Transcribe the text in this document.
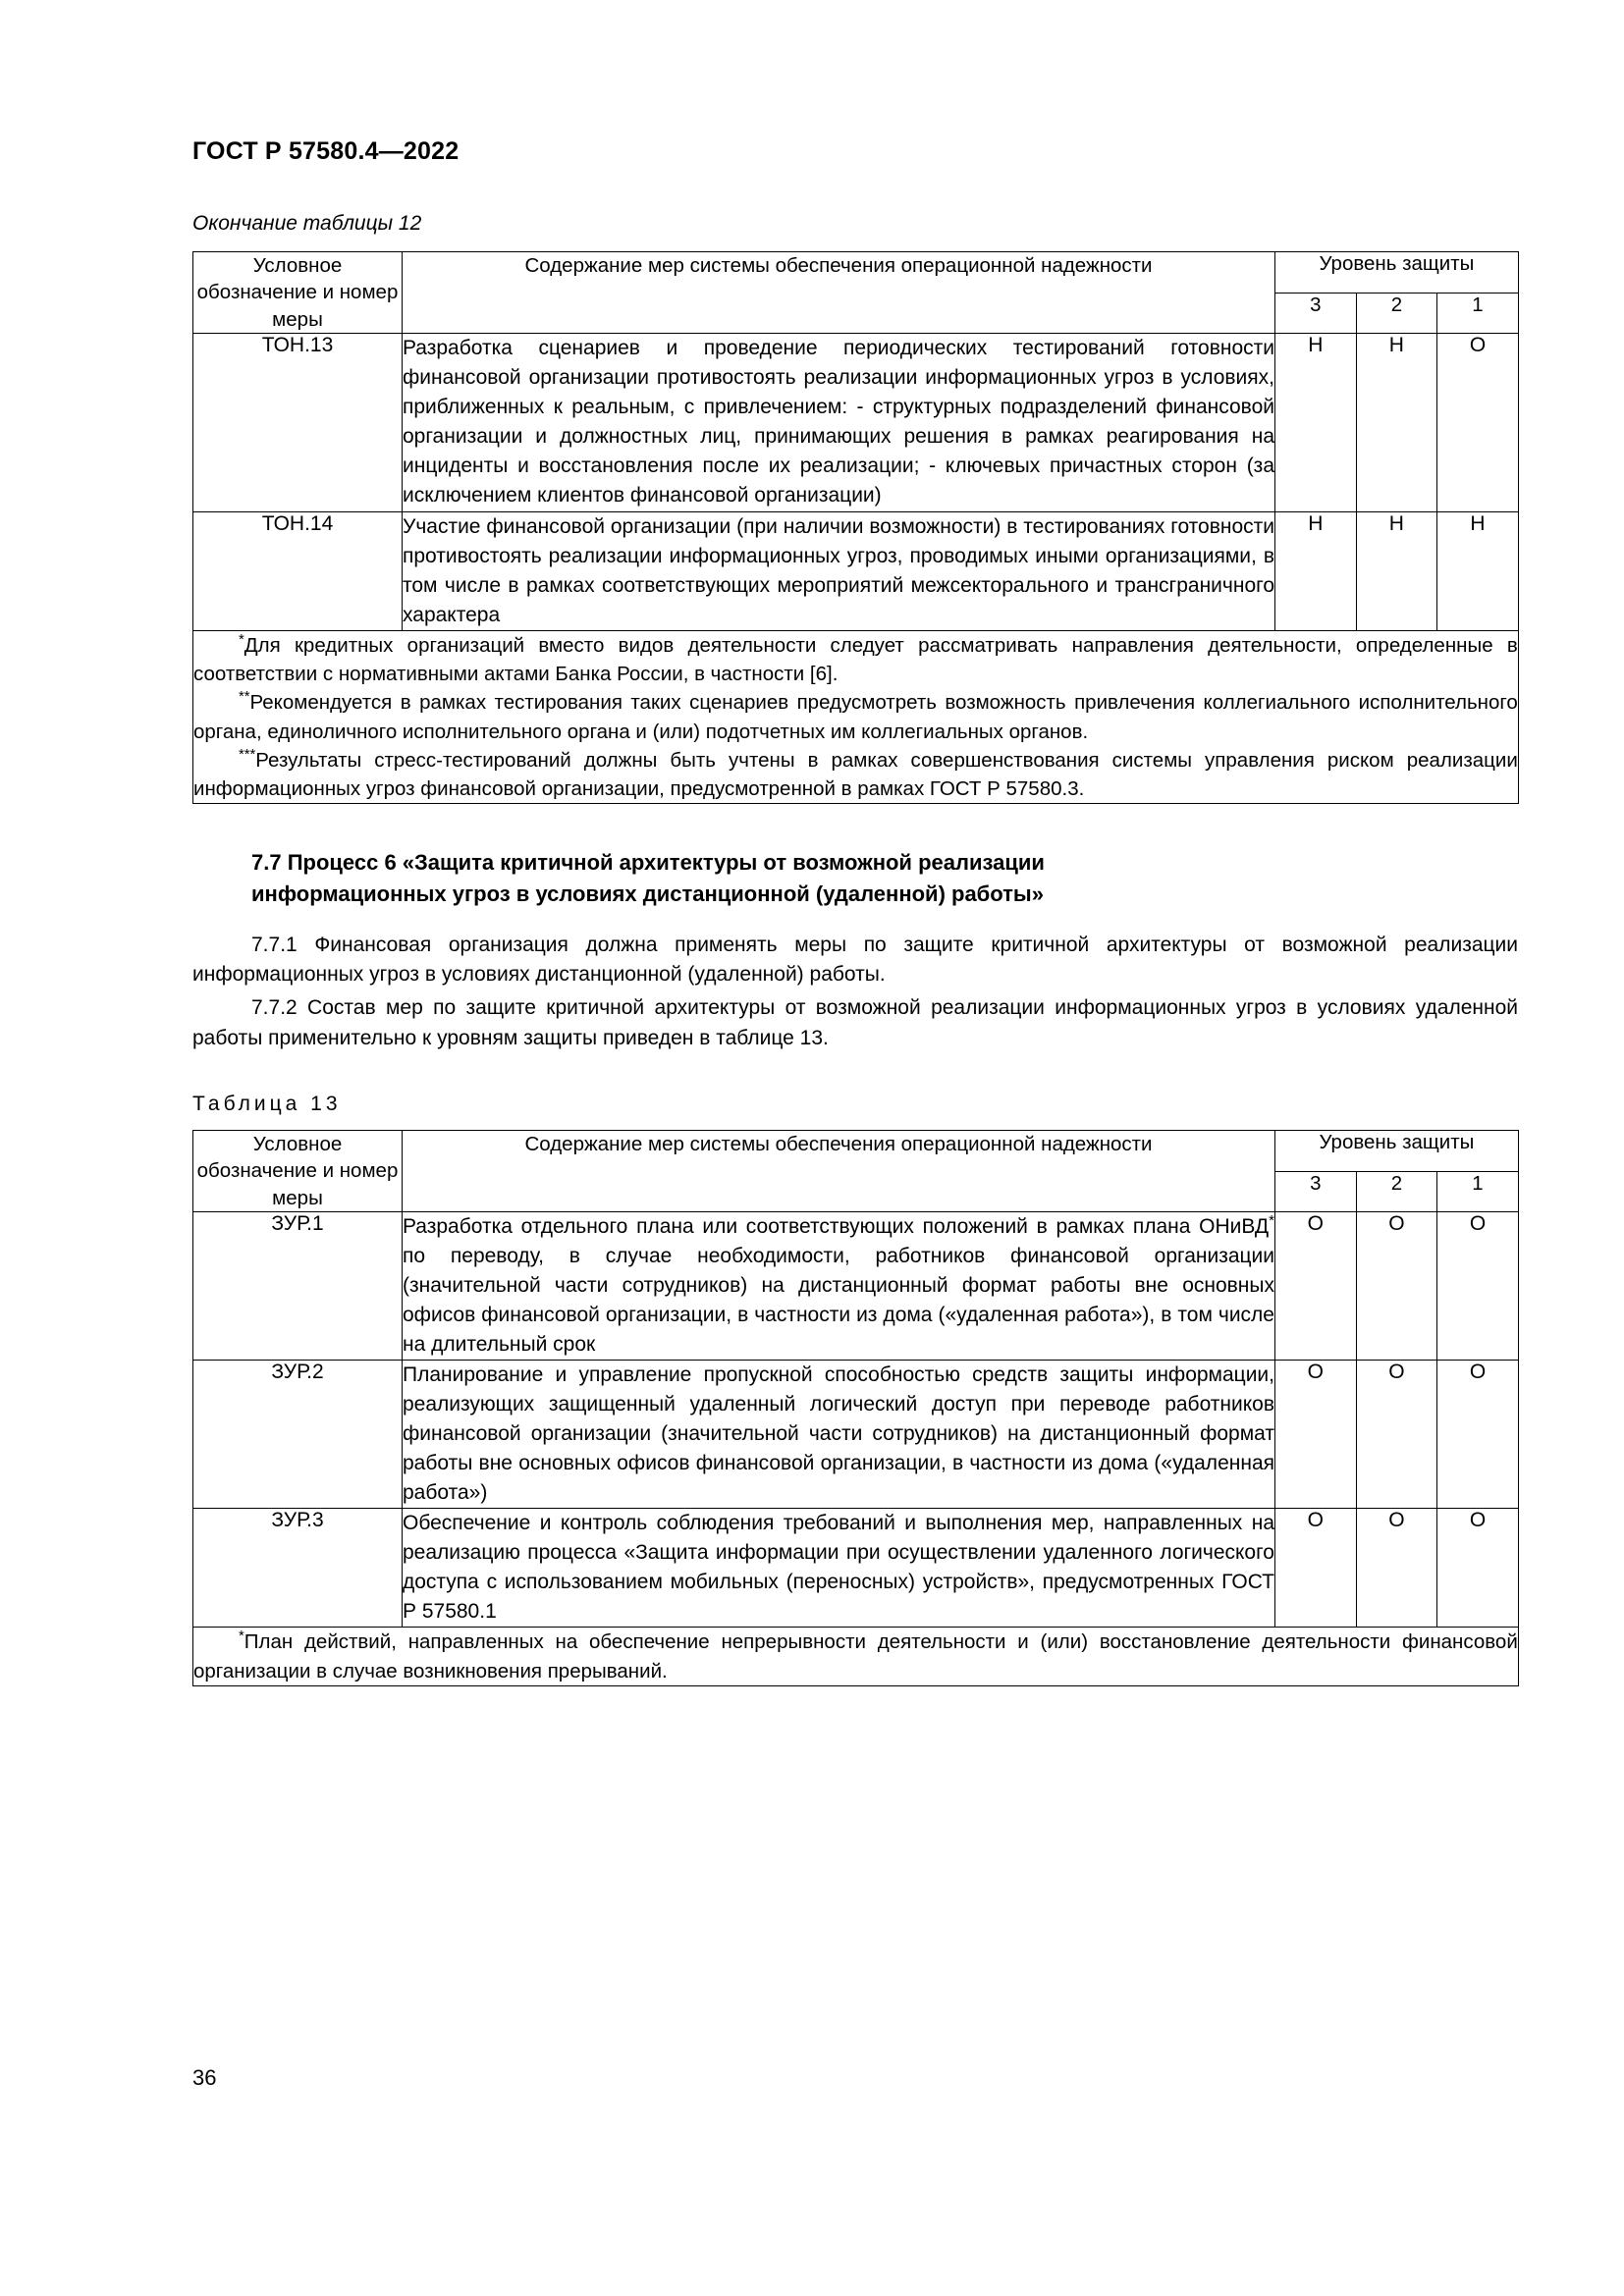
ГОСТ Р 57580.4—2022
Окончание таблицы 12
Условное обозначение и номер меры	Содержание мер системы обеспечения операционной надежности	Уровень защиты		
		3	2	1
ТОН.13	Разработка сценариев и проведение периодических тестирований готовности финансовой организации противостоять реализации информационных угроз в условиях, приближенных к реальным, с привлечением: - структурных подразделений финансовой организации и должностных лиц, принимающих решения в рамках реагирования на инциденты и восстановления после их реализации; - ключевых причастных сторон (за исключением клиентов финансовой организации)	Н	Н	О
ТОН.14	Участие финансовой организации (при наличии возможности) в тестированиях готовности противостоять реализации информационных угроз, проводимых иными организациями, в том числе в рамках соответствующих мероприятий межсекторального и трансграничного характера	Н	Н	Н

*Для кредитных организаций вместо видов деятельности следует рассматривать направления деятельности, определенные в соответствии с нормативными актами Банка России, в частности [6].

**Рекомендуется в рамках тестирования таких сценариев предусмотреть возможность привлечения коллегиального исполнительного органа, единоличного исполнительного органа и (или) подотчетных им коллегиальных органов.

***Результаты стресс-тестирований должны быть учтены в рамках совершенствования системы управления риском реализации информационных угроз финансовой организации, предусмотренной в рамках ГОСТ Р 57580.3.				

7.7 Процесс 6 «Защита критичной архитектуры от возможной реализации
информационных угроз в условиях дистанционной (удаленной) работы»

7.7.1 Финансовая организация должна применять меры по защите критичной архитектуры от возможной реализации информационных угроз в условиях дистанционной (удаленной) работы.

7.7.2 Состав мер по защите критичной архитектуры от возможной реализации информационных угроз в условиях удаленной работы применительно к уровням защиты приведен в таблице 13.

Таблица 13
Условное обозначение и номер меры	Содержание мер системы обеспечения операционной надежности	Уровень защиты		
		3	2	1
ЗУР.1	Разработка отдельного плана или соответствующих положений в рамках плана ОНиВД* по переводу, в случае необходимости, работников финансовой организации (значительной части сотрудников) на дистанционный формат работы вне основных офисов финансовой организации, в частности из дома («удаленная работа»), в том числе на длительный срок	О	О	О
ЗУР.2	Планирование и управление пропускной способностью средств защиты информации, реализующих защищенный удаленный логический доступ при переводе работников финансовой организации (значительной части сотрудников) на дистанционный формат работы вне основных офисов финансовой организации, в частности из дома («удаленная работа»)	О	О	О
ЗУР.3	Обеспечение и контроль соблюдения требований и выполнения мер, направленных на реализацию процесса «Защита информации при осуществлении удаленного логического доступа с использованием мобильных (переносных) устройств», предусмотренных ГОСТ Р 57580.1	О	О	О

*План действий, направленных на обеспечение непрерывности деятельности и (или) восстановление деятельности финансовой организации в случае возникновения прерываний.				

36
